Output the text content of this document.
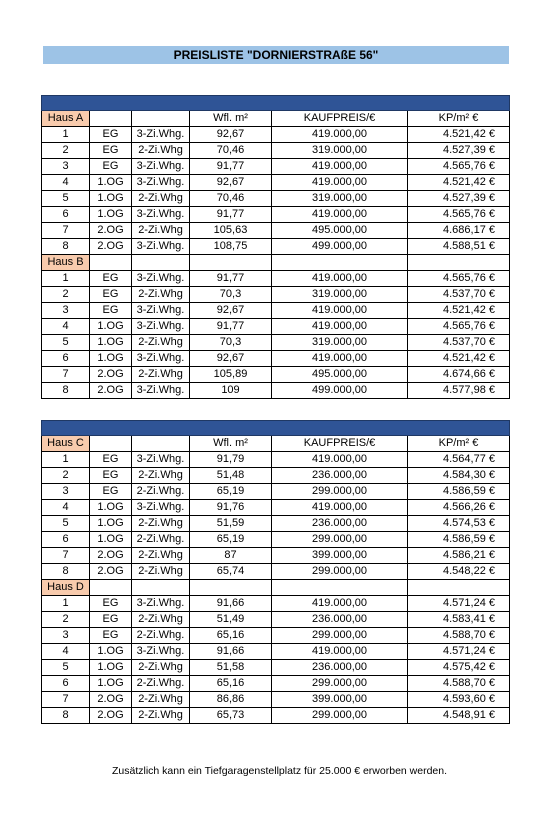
PREISLISTE "DORNIERSTRAßE 56"

Haus A			Wfl. m²	KAUFPREIS/€	KP/m² €
1	EG	3-Zi.Whg.	92,67	419.000,00	4.521,42 €
2	EG	2-Zi.Whg	70,46	319.000,00	4.527,39 €
3	EG	3-Zi.Whg.	91,77	419.000,00	4.565,76 €
4	1.OG	3-Zi.Whg.	92,67	419.000,00	4.521,42 €
5	1.OG	2-Zi.Whg	70,46	319.000,00	4.527,39 €
6	1.OG	3-Zi.Whg.	91,77	419.000,00	4.565,76 €
7	2.OG	2-Zi.Whg	105,63	495.000,00	4.686,17 €
8	2.OG	3-Zi.Whg.	108,75	499.000,00	4.588,51 €
Haus B					
1	EG	3-Zi.Whg.	91,77	419.000,00	4.565,76 €
2	EG	2-Zi.Whg	70,3	319.000,00	4.537,70 €
3	EG	3-Zi.Whg.	92,67	419.000,00	4.521,42 €
4	1.OG	3-Zi.Whg.	91,77	419.000,00	4.565,76 €
5	1.OG	2-Zi.Whg	70,3	319.000,00	4.537,70 €
6	1.OG	3-Zi.Whg.	92,67	419.000,00	4.521,42 €
7	2.OG	2-Zi.Whg	105,89	495.000,00	4.674,66 €
8	2.OG	3-Zi.Whg.	109	499.000,00	4.577,98 €

Haus C			Wfl. m²	KAUFPREIS/€	KP/m² €
1	EG	3-Zi.Whg.	91,79	419.000,00	4.564,77 €
2	EG	2-Zi.Whg	51,48	236.000,00	4.584,30 €
3	EG	2-Zi.Whg.	65,19	299.000,00	4.586,59 €
4	1.OG	3-Zi.Whg.	91,76	419.000,00	4.566,26 €
5	1.OG	2-Zi.Whg	51,59	236.000,00	4.574,53 €
6	1.OG	2-Zi.Whg.	65,19	299.000,00	4.586,59 €
7	2.OG	2-Zi.Whg	87	399.000,00	4.586,21 €
8	2.OG	2-Zi.Whg	65,74	299.000,00	4.548,22 €
Haus D					
1	EG	3-Zi.Whg.	91,66	419.000,00	4.571,24 €
2	EG	2-Zi.Whg	51,49	236.000,00	4.583,41 €
3	EG	2-Zi.Whg.	65,16	299.000,00	4.588,70 €
4	1.OG	3-Zi.Whg.	91,66	419.000,00	4.571,24 €
5	1.OG	2-Zi.Whg	51,58	236.000,00	4.575,42 €
6	1.OG	2-Zi.Whg.	65,16	299.000,00	4.588,70 €
7	2.OG	2-Zi.Whg	86,86	399.000,00	4.593,60 €
8	2.OG	2-Zi.Whg	65,73	299.000,00	4.548,91 €
Zusätzlich kann ein Tiefgaragenstellplatz für 25.000 € erworben werden.
